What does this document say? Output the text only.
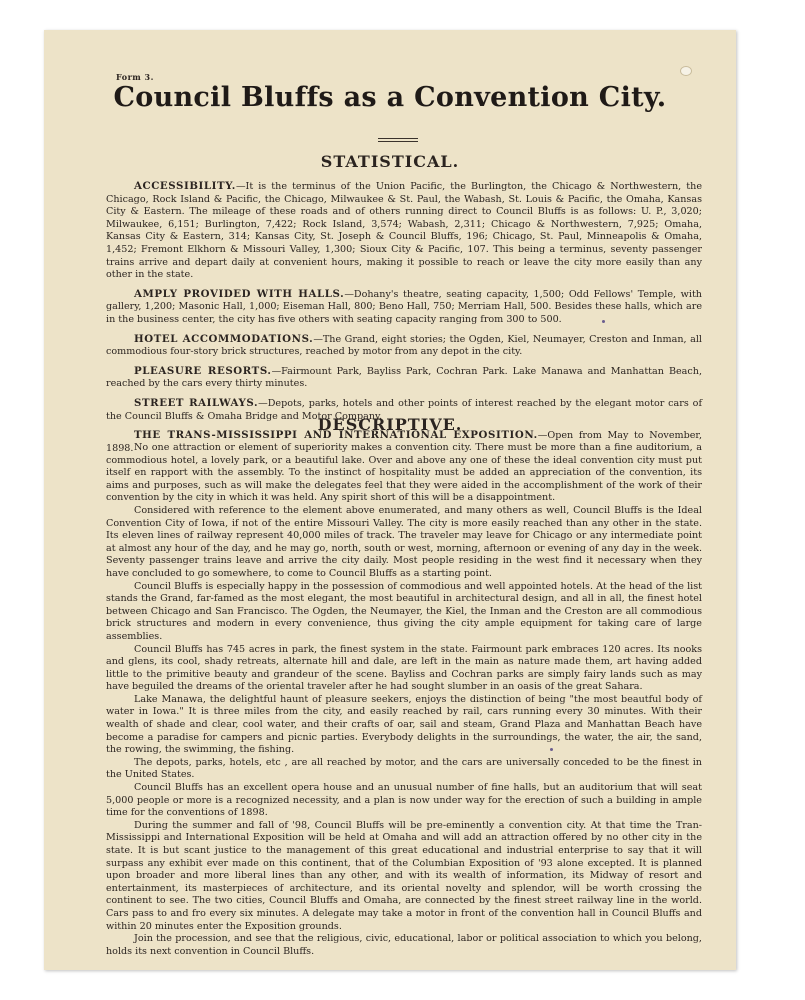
Form 3.
Council Bluffs as a Convention City.
STATISTICAL.

ACCESSIBILITY.—It is the terminus of the Union Pacific, the Burlington, the Chicago & Northwestern, the Chicago, Rock Island & Pacific, the Chicago, Milwaukee & St. Paul, the Wabash, St. Louis & Pacific, the Omaha, Kansas City & Eastern. The mileage of these roads and of others running direct to Council Bluffs is as follows: U. P., 3,020; Milwaukee, 6,151; Burlington, 7,422; Rock Island, 3,574; Wabash, 2,311; Chicago & Northwestern, 7,925; Omaha, Kansas City & Eastern, 314; Kansas City, St. Joseph & Council Bluffs, 196; Chicago, St. Paul, Minneapolis & Omaha, 1,452; Fremont Elkhorn & Missouri Valley, 1,300; Sioux City & Pacific, 107. This being a terminus, seventy passenger trains arrive and depart daily at convenient hours, making it possible to reach or leave the city more easily than any other in the state.

AMPLY PROVIDED WITH HALLS.—Dohany's theatre, seating capacity, 1,500; Odd Fellows' Temple, with gallery, 1,200; Masonic Hall, 1,000; Eiseman Hall, 800; Beno Hall, 750; Merriam Hall, 500. Besides these halls, which are in the business center, the city has five others with seating capacity ranging from 300 to 500.

HOTEL ACCOMMODATIONS.—The Grand, eight stories; the Ogden, Kiel, Neumayer, Creston and Inman, all commodious four-story brick structures, reached by motor from any depot in the city.

PLEASURE RESORTS.—Fairmount Park, Bayliss Park, Cochran Park. Lake Manawa and Manhattan Beach, reached by the cars every thirty minutes.

STREET RAILWAYS.—Depots, parks, hotels and other points of interest reached by the elegant motor cars of the Council Bluffs & Omaha Bridge and Motor Company.

THE TRANS-MISSISSIPPI AND INTERNATIONAL EXPOSITION.—Open from May to November, 1898.

DESCRIPTIVE.

No one attraction or element of superiority makes a convention city. There must be more than a fine auditorium, a commodious hotel, a lovely park, or a beautiful lake. Over and above any one of these the ideal convention city must put itself en rapport with the assembly. To the instinct of hospitality must be added an appreciation of the convention, its aims and purposes, such as will make the delegates feel that they were aided in the accomplishment of the work of their convention by the city in which it was held. Any spirit short of this will be a disappointment.

Considered with reference to the element above enumerated, and many others as well, Council Bluffs is the Ideal Convention City of Iowa, if not of the entire Missouri Valley. The city is more easily reached than any other in the state. Its eleven lines of railway represent 40,000 miles of track. The traveler may leave for Chicago or any intermediate point at almost any hour of the day, and he may go, north, south or west, morning, afternoon or evening of any day in the week. Seventy passenger trains leave and arrive the city daily. Most people residing in the west find it necessary when they have concluded to go somewhere, to come to Council Bluffs as a starting point.

Council Bluffs is especially happy in the possession of commodious and well appointed hotels. At the head of the list stands the Grand, far-famed as the most elegant, the most beautiful in architectural design, and all in all, the finest hotel between Chicago and San Francisco. The Ogden, the Neumayer, the Kiel, the Inman and the Creston are all commodious brick structures and modern in every convenience, thus giving the city ample equipment for taking care of large assemblies.

Council Bluffs has 745 acres in park, the finest system in the state. Fairmount park embraces 120 acres. Its nooks and glens, its cool, shady retreats, alternate hill and dale, are left in the main as nature made them, art having added little to the primitive beauty and grandeur of the scene. Bayliss and Cochran parks are simply fairy lands such as may have beguiled the dreams of the oriental traveler after he had sought slumber in an oasis of the great Sahara.

Lake Manawa, the delightful haunt of pleasure seekers, enjoys the distinction of being "the most beautful body of water in Iowa." It is three miles from the city, and easily reached by rail, cars running every 30 minutes. With their wealth of shade and clear, cool water, and their crafts of oar, sail and steam, Grand Plaza and Manhattan Beach have become a paradise for campers and picnic parties. Everybody delights in the surroundings, the water, the air, the sand, the rowing, the swimming, the fishing.

The depots, parks, hotels, etc , are all reached by motor, and the cars are universally conceded to be the finest in the United States.

Council Bluffs has an excellent opera house and an unusual number of fine halls, but an auditorium that will seat 5,000 people or more is a recognized necessity, and a plan is now under way for the erection of such a building in ample time for the conventions of 1898.

During the summer and fall of '98, Council Bluffs will be pre-eminently a convention city. At that time the Tran-Mississippi and International Exposition will be held at Omaha and will add an attraction offered by no other city in the state. It is but scant justice to the management of this great educational and industrial enterprise to say that it will surpass any exhibit ever made on this continent, that of the Columbian Exposition of '93 alone excepted. It is planned upon broader and more liberal lines than any other, and with its wealth of information, its Midway of resort and entertainment, its masterpieces of architecture, and its oriental novelty and splendor, will be worth crossing the continent to see. The two cities, Council Bluffs and Omaha, are connected by the finest street railway line in the world. Cars pass to and fro every six minutes. A delegate may take a motor in front of the convention hall in Council Bluffs and within 20 minutes enter the Exposition grounds.

Join the procession, and see that the religious, civic, educational, labor or political association to which you belong, holds its next convention in Council Bluffs.
